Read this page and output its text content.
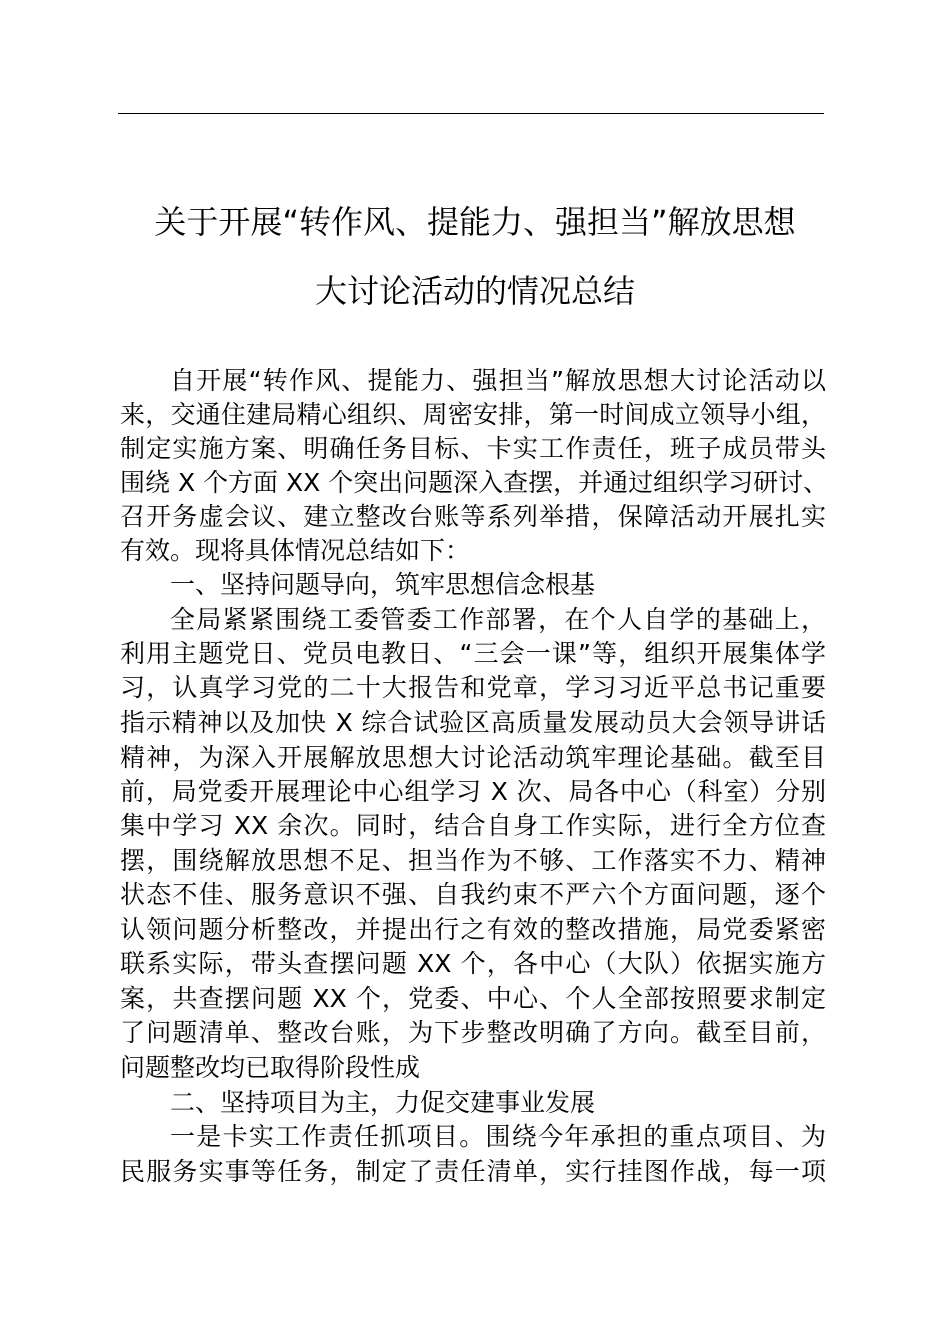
关于开展“转作风、提能力、强担当”解放思想
大讨论活动的情况总结

自开展“转作风、提能力、强担当”解放思想大讨论活动以

来，交通住建局精心组织、周密安排，第一时间成立领导小组，

制定实施方案、明确任务目标、卡实工作责任，班子成员带头

围绕 X 个方面 XX 个突出问题深入查摆，并通过组织学习研讨、

召开务虚会议、建立整改台账等系列举措，保障活动开展扎实

有效。现将具体情况总结如下：

一、坚持问题导向，筑牢思想信念根基

全局紧紧围绕工委管委工作部署，在个人自学的基础上，

利用主题党日、党员电教日、“三会一课”等，组织开展集体学

习，认真学习党的二十大报告和党章，学习习近平总书记重要

指示精神以及加快 X 综合试验区高质量发展动员大会领导讲话

精神，为深入开展解放思想大讨论活动筑牢理论基础。截至目

前，局党委开展理论中心组学习 X 次、局各中心（科室）分别

集中学习 XX 余次。同时，结合自身工作实际，进行全方位查

摆，围绕解放思想不足、担当作为不够、工作落实不力、精神

状态不佳、服务意识不强、自我约束不严六个方面问题，逐个

认领问题分析整改，并提出行之有效的整改措施，局党委紧密

联系实际，带头查摆问题 XX 个，各中心（大队）依据实施方

案，共查摆问题 XX 个，党委、中心、个人全部按照要求制定

了问题清单、整改台账，为下步整改明确了方向。截至目前，

问题整改均已取得阶段性成

二、坚持项目为主，力促交建事业发展

一是卡实工作责任抓项目。围绕今年承担的重点项目、为

民服务实事等任务，制定了责任清单，实行挂图作战，每一项
